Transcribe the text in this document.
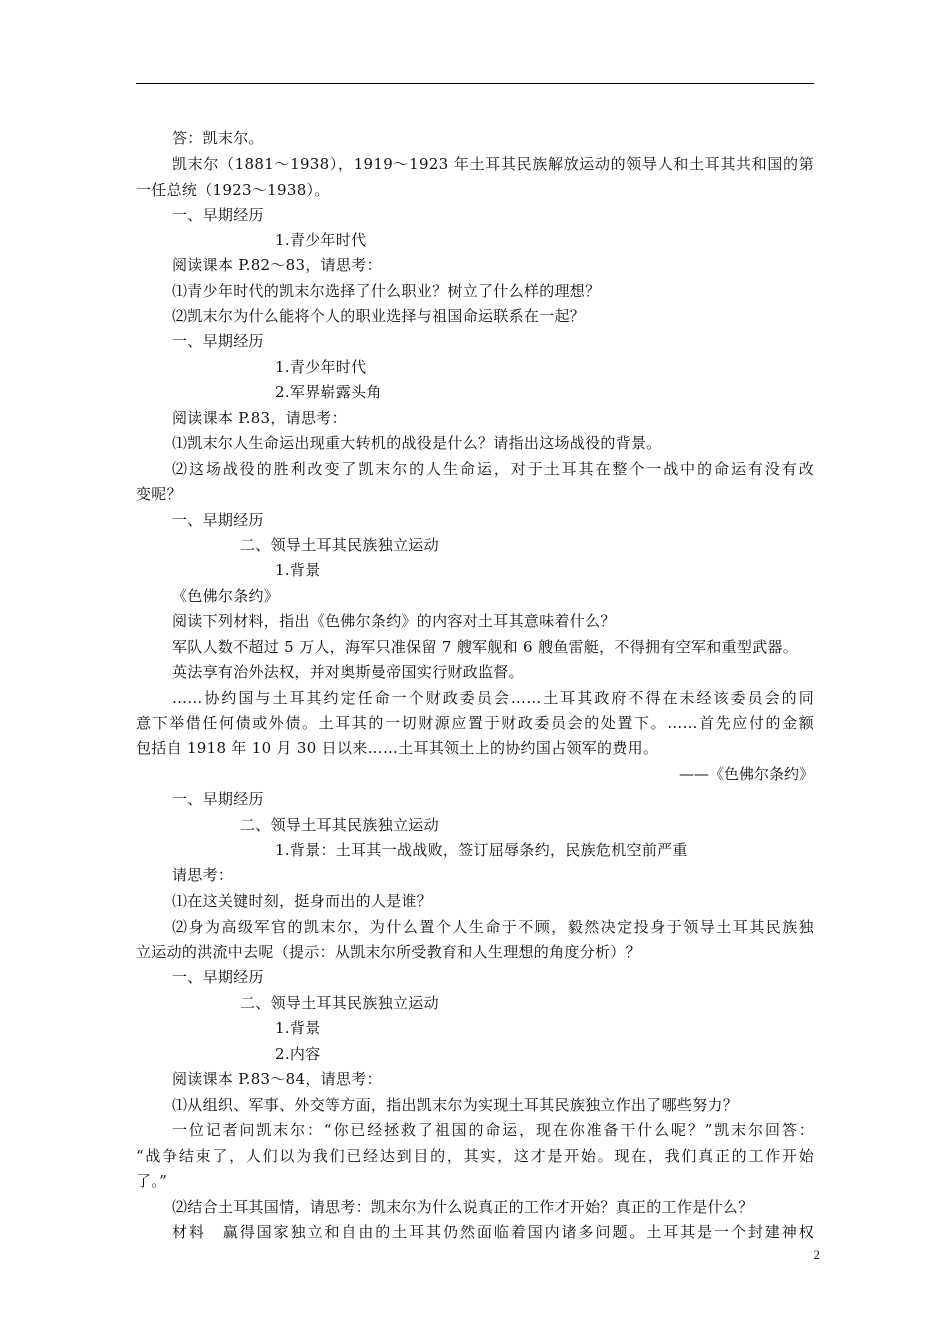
答：凯末尔。
凯末尔（1881～1938），1919～1923 年土耳其民族解放运动的领导人和土耳其共和国的第
一任总统（1923～1938）。
一、早期经历
1.青少年时代
阅读课本 P.82～83，请思考：
⑴青少年时代的凯末尔选择了什么职业？树立了什么样的理想？
⑵凯末尔为什么能将个人的职业选择与祖国命运联系在一起？
一、早期经历
1.青少年时代
2.军界崭露头角
阅读课本 P.83，请思考：
⑴凯末尔人生命运出现重大转机的战役是什么？请指出这场战役的背景。
⑵这场战役的胜利改变了凯末尔的人生命运，对于土耳其在整个一战中的命运有没有改
变呢？
一、早期经历
二、领导土耳其民族独立运动
1.背景
《色佛尔条约》
阅读下列材料，指出《色佛尔条约》的内容对土耳其意味着什么？
军队人数不超过 5 万人，海军只准保留 7 艘军舰和 6 艘鱼雷艇，不得拥有空军和重型武器。
英法享有治外法权，并对奥斯曼帝国实行财政监督。
……协约国与土耳其约定任命一个财政委员会……土耳其政府不得在未经该委员会的同
意下举借任何债或外债。土耳其的一切财源应置于财政委员会的处置下。……首先应付的金额
包括自 1918 年 10 月 30 日以来……土耳其领土上的协约国占领军的费用。
——《色佛尔条约》
一、早期经历
二、领导土耳其民族独立运动
1.背景：土耳其一战战败，签订屈辱条约，民族危机空前严重
请思考：
⑴在这关键时刻，挺身而出的人是谁？
⑵身为高级军官的凯末尔，为什么置个人生命于不顾，毅然决定投身于领导土耳其民族独
立运动的洪流中去呢（提示：从凯末尔所受教育和人生理想的角度分析）？
一、早期经历
二、领导土耳其民族独立运动
1.背景
2.内容
阅读课本 P.83～84，请思考：
⑴从组织、军事、外交等方面，指出凯末尔为实现土耳其民族独立作出了哪些努力？
一位记者问凯末尔：“你已经拯救了祖国的命运，现在你准备干什么呢？”凯末尔回答：
“战争结束了，人们以为我们已经达到目的，其实，这才是开始。现在，我们真正的工作开始
了。”
⑵结合土耳其国情，请思考：凯末尔为什么说真正的工作才开始？真正的工作是什么？
材料　赢得国家独立和自由的土耳其仍然面临着国内诸多问题。土耳其是一个封建神权
2
